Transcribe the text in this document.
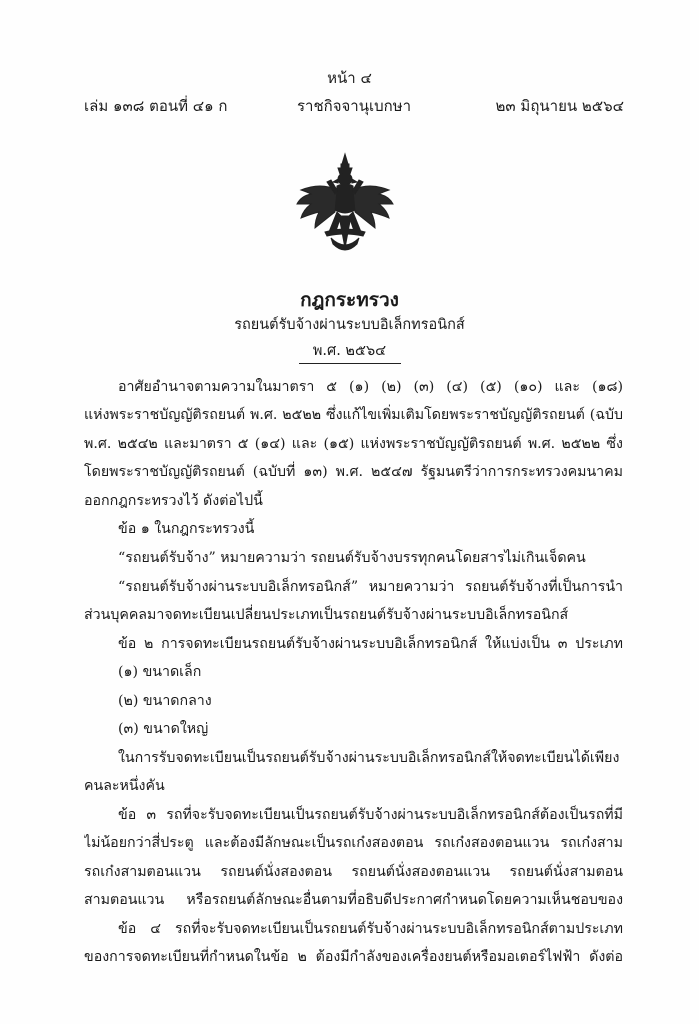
หน้า ๔
เล่ม ๑๓๘ ตอนที่ ๔๑ ก	ราชกิจจานุเบกษา	๒๓ มิถุนายน ๒๕๖๔
กฎกระทรวง
รถยนต์รับจ้างผ่านระบบอิเล็กทรอนิกส์
พ.ศ. ๒๕๖๔
อาศัยอำนาจตามความในมาตรา ๕ (๑) (๒) (๓) (๔) (๕) (๑๐) และ (๑๘)
แห่งพระราชบัญญัติรถยนต์ พ.ศ. ๒๕๒๒ ซึ่งแก้ไขเพิ่มเติมโดยพระราชบัญญัติรถยนต์ (ฉบับ
พ.ศ. ๒๕๔๒ และมาตรา ๕ (๑๔) และ (๑๕) แห่งพระราชบัญญัติรถยนต์ พ.ศ. ๒๕๒๒ ซึ่ง
โดยพระราชบัญญัติรถยนต์ (ฉบับที่ ๑๓) พ.ศ. ๒๕๔๗ รัฐมนตรีว่าการกระทรวงคมนาคม
ออกกฎกระทรวงไว้ ดังต่อไปนี้
ข้อ ๑ ในกฎกระทรวงนี้
“รถยนต์รับจ้าง” หมายความว่า รถยนต์รับจ้างบรรทุกคนโดยสารไม่เกินเจ็ดคน
“รถยนต์รับจ้างผ่านระบบอิเล็กทรอนิกส์” หมายความว่า รถยนต์รับจ้างที่เป็นการนำ
ส่วนบุคคลมาจดทะเบียนเปลี่ยนประเภทเป็นรถยนต์รับจ้างผ่านระบบอิเล็กทรอนิกส์
ข้อ ๒ การจดทะเบียนรถยนต์รับจ้างผ่านระบบอิเล็กทรอนิกส์ ให้แบ่งเป็น ๓ ประเภท
(๑) ขนาดเล็ก
(๒) ขนาดกลาง
(๓) ขนาดใหญ่
ในการรับจดทะเบียนเป็นรถยนต์รับจ้างผ่านระบบอิเล็กทรอนิกส์ให้จดทะเบียนได้เพียง
คนละหนึ่งคัน
ข้อ ๓ รถที่จะรับจดทะเบียนเป็นรถยนต์รับจ้างผ่านระบบอิเล็กทรอนิกส์ต้องเป็นรถที่มี
ไม่น้อยกว่าสี่ประตู และต้องมีลักษณะเป็นรถเก๋งสองตอน รถเก๋งสองตอนแวน รถเก๋งสาม
รถเก๋งสามตอนแวน รถยนต์นั่งสองตอน รถยนต์นั่งสองตอนแวน รถยนต์นั่งสามตอน
สามตอนแวน หรือรถยนต์ลักษณะอื่นตามที่อธิบดีประกาศกำหนดโดยความเห็นชอบของ
ข้อ ๔ รถที่จะรับจดทะเบียนเป็นรถยนต์รับจ้างผ่านระบบอิเล็กทรอนิกส์ตามประเภท
ของการจดทะเบียนที่กำหนดในข้อ ๒ ต้องมีกำลังของเครื่องยนต์หรือมอเตอร์ไฟฟ้า ดังต่อ
